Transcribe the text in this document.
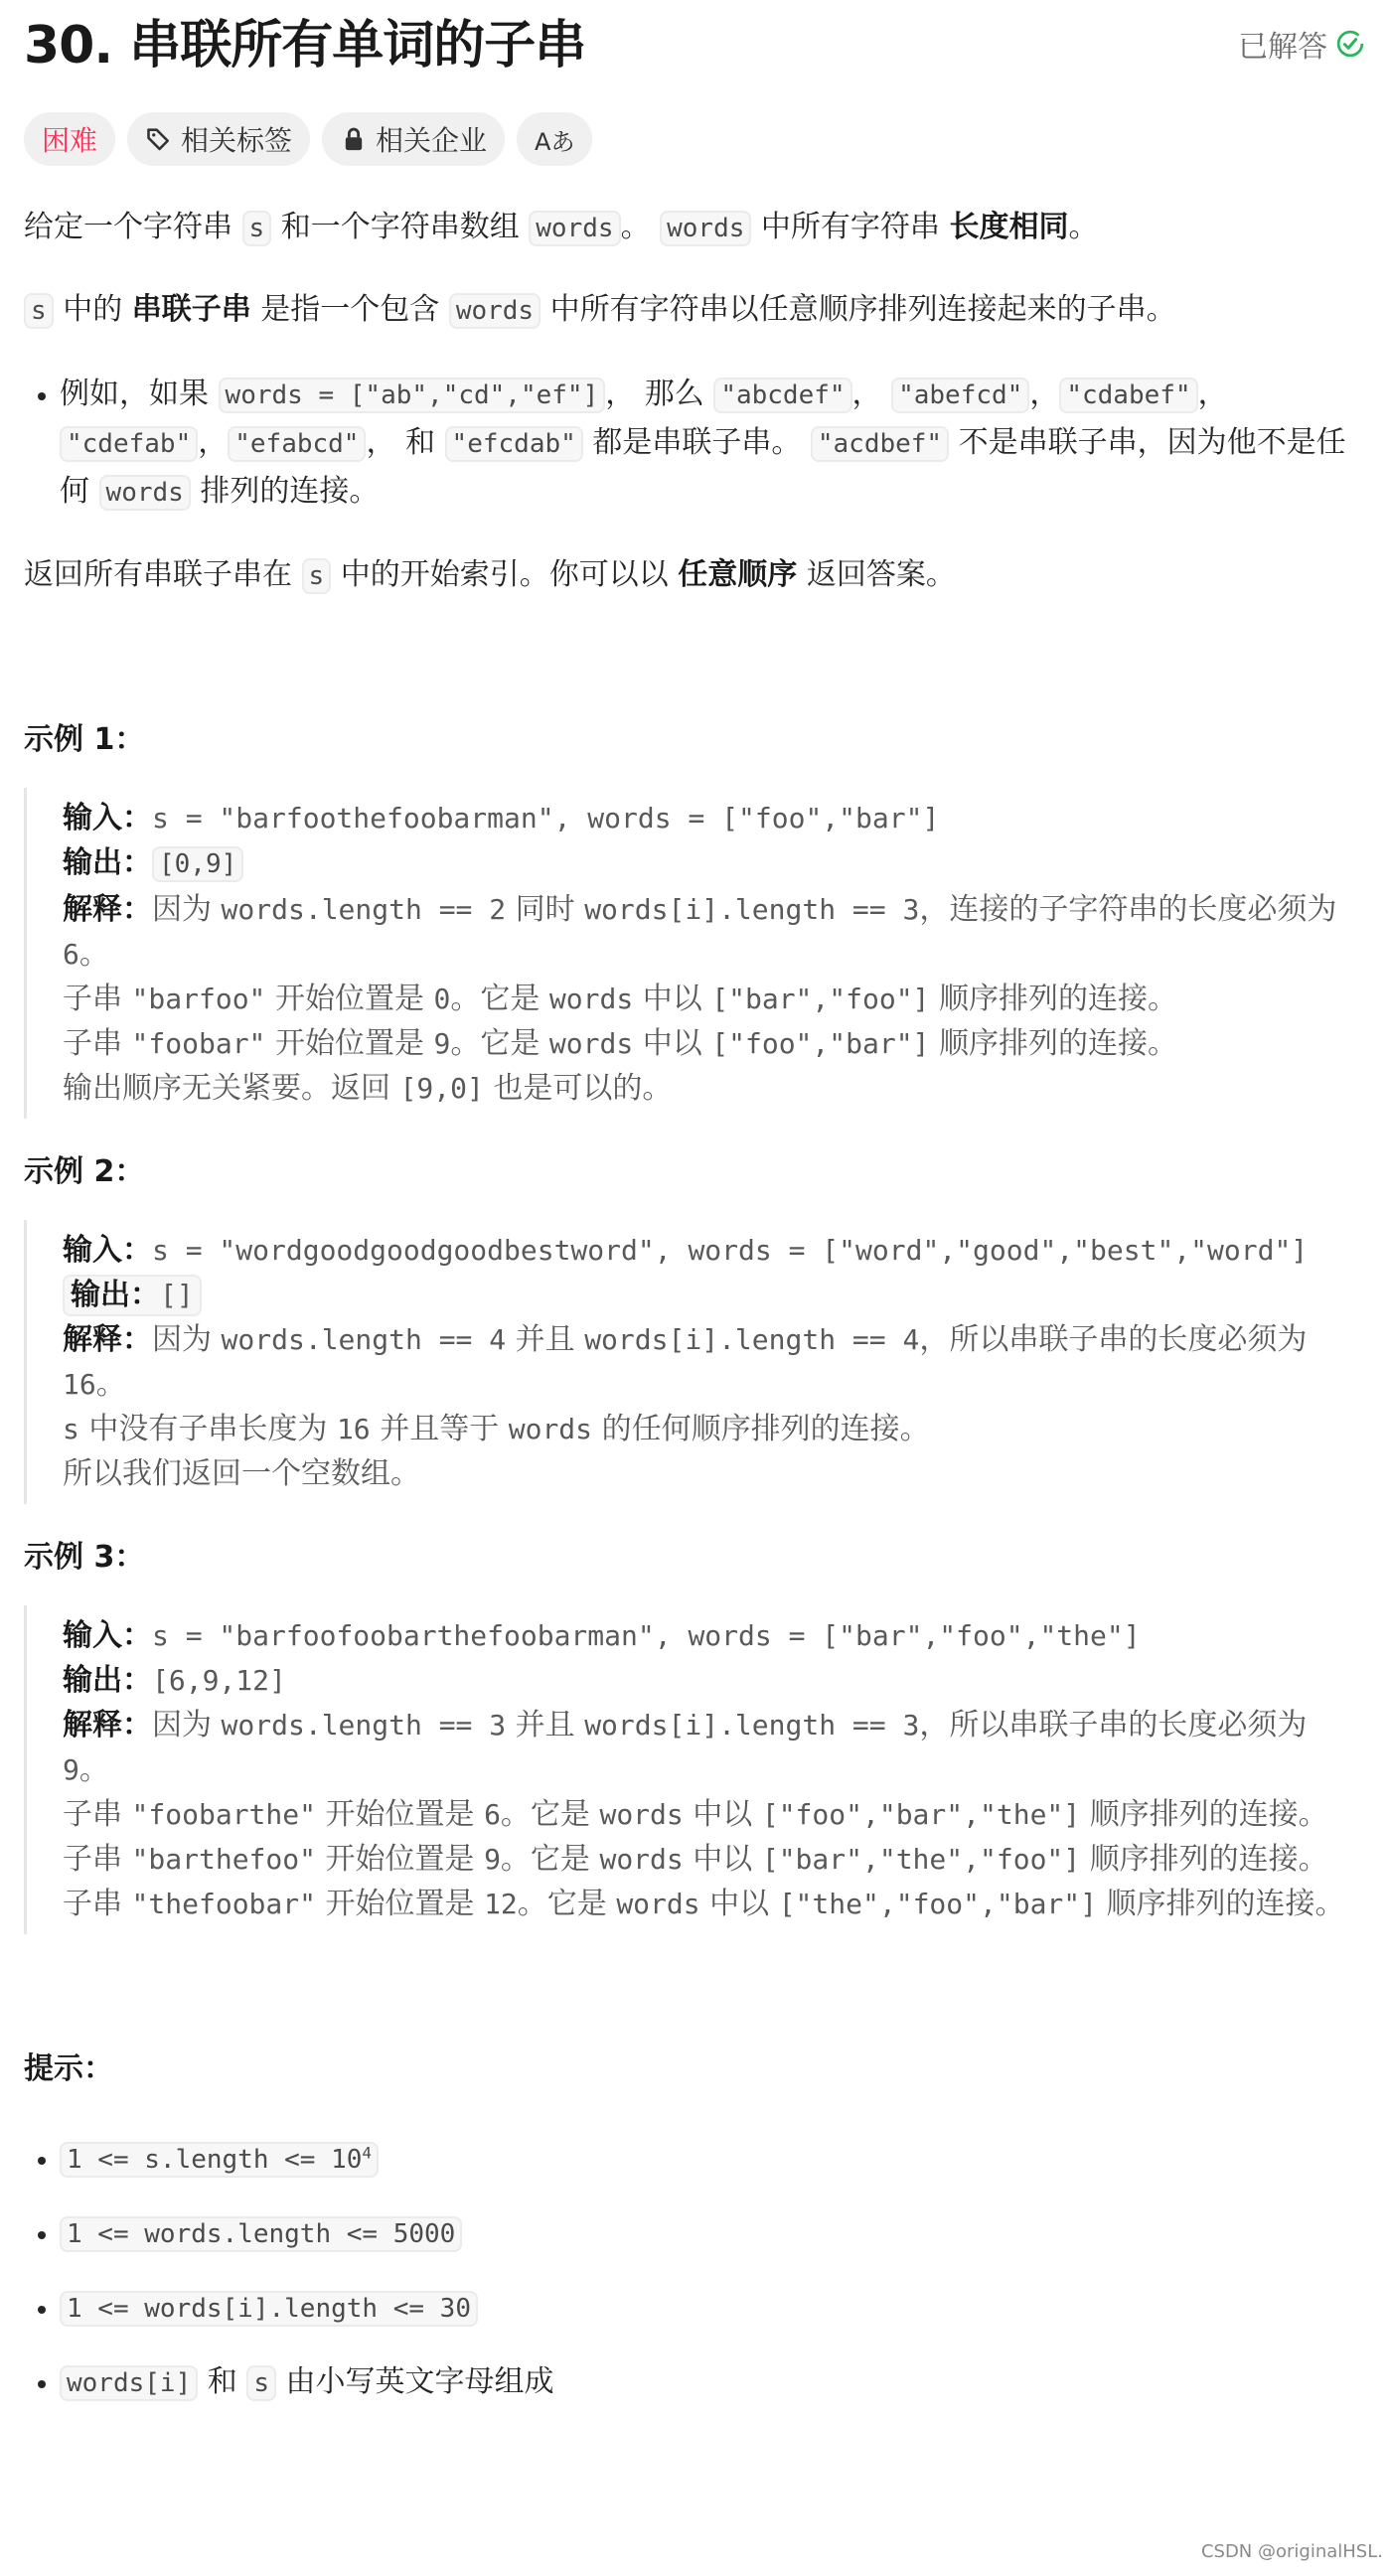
30. 串联所有单词的子串	已解答
困难	相关标签	相关企业 Aあ

给定一个字符串 s 和一个字符串数组 words 。 words 中所有字符串 长度相同。

s 中的 串联子串 是指一个包含 words 中所有字符串以任意顺序排列连接起来的子串。

• 例如，如果 words = ["ab","cd","ef"] ， 那么 "abcdef" ， "abefcd" ， "cdabef" ， "cdefab" ， "efabcd" ， 和 "efcdab" 都是串联子串。 "acdbef" 不是串联子串，因为他不是任何 words 排列的连接。

返回所有串联子串在 s 中的开始索引。你可以以 任意顺序 返回答案。

示例 1：
输入：s = "barfoothefoobarman", words = ["foo","bar"]
输出： [0,9]
解释：因为 words.length == 2 同时 words[i].length == 3，连接的子字符串的长度必须为 6。
子串 "barfoo" 开始位置是 0。它是 words 中以 ["bar","foo"] 顺序排列的连接。
子串 "foobar" 开始位置是 9。它是 words 中以 ["foo","bar"] 顺序排列的连接。
输出顺序无关紧要。返回 [9,0] 也是可以的。
示例 2：
输入：s = "wordgoodgoodgoodbestword", words = ["word","good","best","word"]
输出：[]
解释：因为 words.length == 4 并且 words[i].length == 4，所以串联子串的长度必须为 16。
s 中没有子串长度为 16 并且等于 words 的任何顺序排列的连接。
所以我们返回一个空数组。
示例 3：
输入：s = "barfoofoobarthefoobarman", words = ["bar","foo","the"]
输出：[6,9,12]
解释：因为 words.length == 3 并且 words[i].length == 3，所以串联子串的长度必须为 9。
子串 "foobarthe" 开始位置是 6。它是 words 中以 ["foo","bar","the"] 顺序排列的连接。
子串 "barthefoo" 开始位置是 9。它是 words 中以 ["bar","the","foo"] 顺序排列的连接。
子串 "thefoobar" 开始位置是 12。它是 words 中以 ["the","foo","bar"] 顺序排列的连接。
提示：
• 1 <= s.length <= $10^4$
• 1 <= words.length <= 5000
• 1 <= words[i].length <= 30
• words[i] 和 s 由小写英文字母组成
CSDN @originalHSL.
